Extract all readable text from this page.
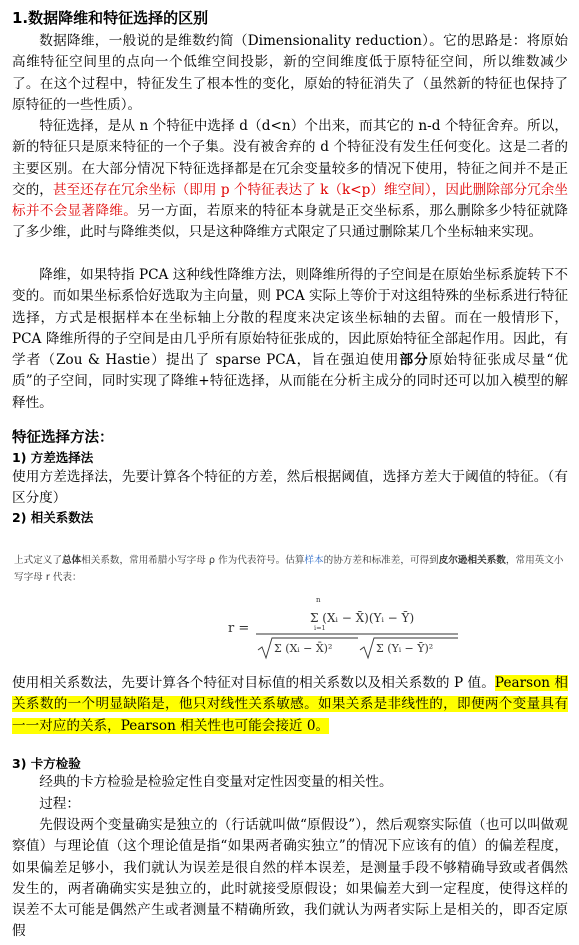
1.数据降维和特征选择的区别
数据降维，一般说的是维数约简（Dimensionality reduction）。它的思路是：将原始高维特征空间里的点向一个低维空间投影，新的空间维度低于原特征空间，所以维数减少了。在这个过程中，特征发生了根本性的变化，原始的特征消失了（虽然新的特征也保持了原特征的一些性质）。
特征选择，是从 n 个特征中选择 d（d<n）个出来，而其它的 n-d 个特征舍弃。所以，新的特征只是原来特征的一个子集。没有被舍弃的 d 个特征没有发生任何变化。这是二者的主要区别。在大部分情况下特征选择都是在冗余变量较多的情况下使用，特征之间并不是正交的，甚至还存在冗余坐标（即用 p 个特征表达了 k（k<p）维空间），因此删除部分冗余坐标并不会显著降维。另一方面，若原来的特征本身就是正交坐标系，那么删除多少特征就降了多少维，此时与降维类似，只是这种降维方式限定了只通过删除某几个坐标轴来实现。
降维，如果特指 PCA 这种线性降维方法，则降维所得的子空间是在原始坐标系旋转下不变的。而如果坐标系恰好选取为主向量，则 PCA 实际上等价于对这组特殊的坐标系进行特征选择，方式是根据样本在坐标轴上分散的程度来决定该坐标轴的去留。而在一般情形下，PCA 降维所得的子空间是由几乎所有原始特征张成的，因此原始特征全部起作用。因此，有学者（Zou & Hastie）提出了 sparse PCA，旨在强迫使用部分原始特征张成尽量“优质”的子空间，同时实现了降维+特征选择，从而能在分析主成分的同时还可以加入模型的解释性。
特征选择方法：
1) 方差选择法
使用方差选择法，先要计算各个特征的方差，然后根据阈值，选择方差大于阈值的特征。（有区分度）
2) 相关系数法
上式定义了总体相关系数，常用希腊小写字母 ρ 作为代表符号。估算样本的协方差和标准差，可得到皮尔逊相关系数，常用英文小写字母 r 代表：
r =
n
Σ (Xᵢ − X̄)(Yᵢ − Ȳ)
i=1
Σ (Xᵢ − X̄)²	Σ (Yᵢ − Ȳ)²
使用相关系数法，先要计算各个特征对目标值的相关系数以及相关系数的 P 值。Pearson 相关系数的一个明显缺陷是，他只对线性关系敏感。如果关系是非线性的，即便两个变量具有一一对应的关系，Pearson 相关性也可能会接近 0。
3) 卡方检验
经典的卡方检验是检验定性自变量对定性因变量的相关性。
过程：
先假设两个变量确实是独立的（行话就叫做“原假设”），然后观察实际值（也可以叫做观察值）与理论值（这个理论值是指“如果两者确实独立”的情况下应该有的值）的偏差程度，如果偏差足够小，我们就认为误差是很自然的样本误差，是测量手段不够精确导致或者偶然发生的，两者确确实实是独立的，此时就接受原假设；如果偏差大到一定程度，使得这样的误差不太可能是偶然产生或者测量不精确所致，我们就认为两者实际上是相关的，即否定原假
